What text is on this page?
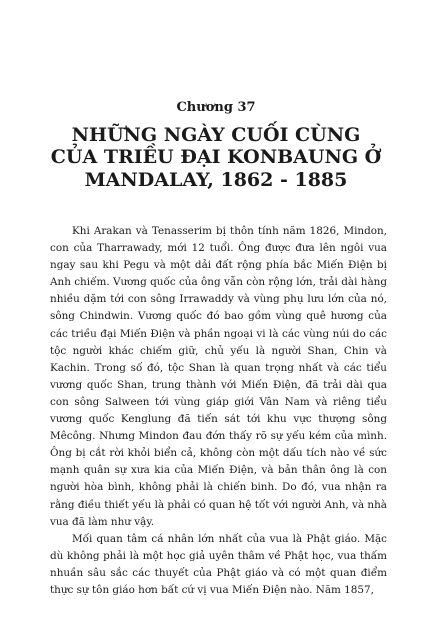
Chương 37
NHỮNG NGÀY CUỐI CÙNG
CỦA TRIỀU ĐẠI KONBAUNG Ở
MANDALAY, 1862 - 1885

Khi Arakan và Tenasserim bị thôn tính năm 1826, Mindon, con của Tharrawady, mới 12 tuổi. Ông được đưa lên ngôi vua ngay sau khi Pegu và một dải đất rộng phía bắc Miến Điện bị Anh chiếm. Vương quốc của ông vẫn còn rộng lớn, trải dài hàng nhiều dặm tới con sông Irrawaddy và vùng phụ lưu lớn của nó, sông Chindwin. Vương quốc đó bao gồm vùng quê hương của các triều đại Miến Điện và phần ngoại vi là các vùng núi do các tộc người khác chiếm giữ, chủ yếu là người Shan, Chin và Kachin. Trong số đó, tộc Shan là quan trọng nhất và các tiểu vương quốc Shan, trung thành với Miến Điện, đã trải dài qua con sông Salween tới vùng giáp giới Vân Nam và riêng tiểu vương quốc Kenglung đã tiến sát tới khu vực thượng sông Mêcông. Nhưng Mindon đau đớn thấy rõ sự yếu kém của mình. Ông bị cắt rời khỏi biển cả, không còn một dấu tích nào về sức mạnh quân sự xưa kia của Miến Điện, và bản thân ông là con người hòa bình, không phải là chiến binh. Do đó, vua nhận ra rằng điều thiết yếu là phải có quan hệ tốt với người Anh, và nhà vua đã làm như vậy.

Mối quan tâm cá nhân lớn nhất của vua là Phật giáo. Mặc dù không phải là một học giả uyên thâm về Phật học, vua thấm nhuần sâu sắc các thuyết của Phật giáo và có một quan điểm thực sự tôn giáo hơn bất cứ vị vua Miến Điện nào. Năm 1857,
